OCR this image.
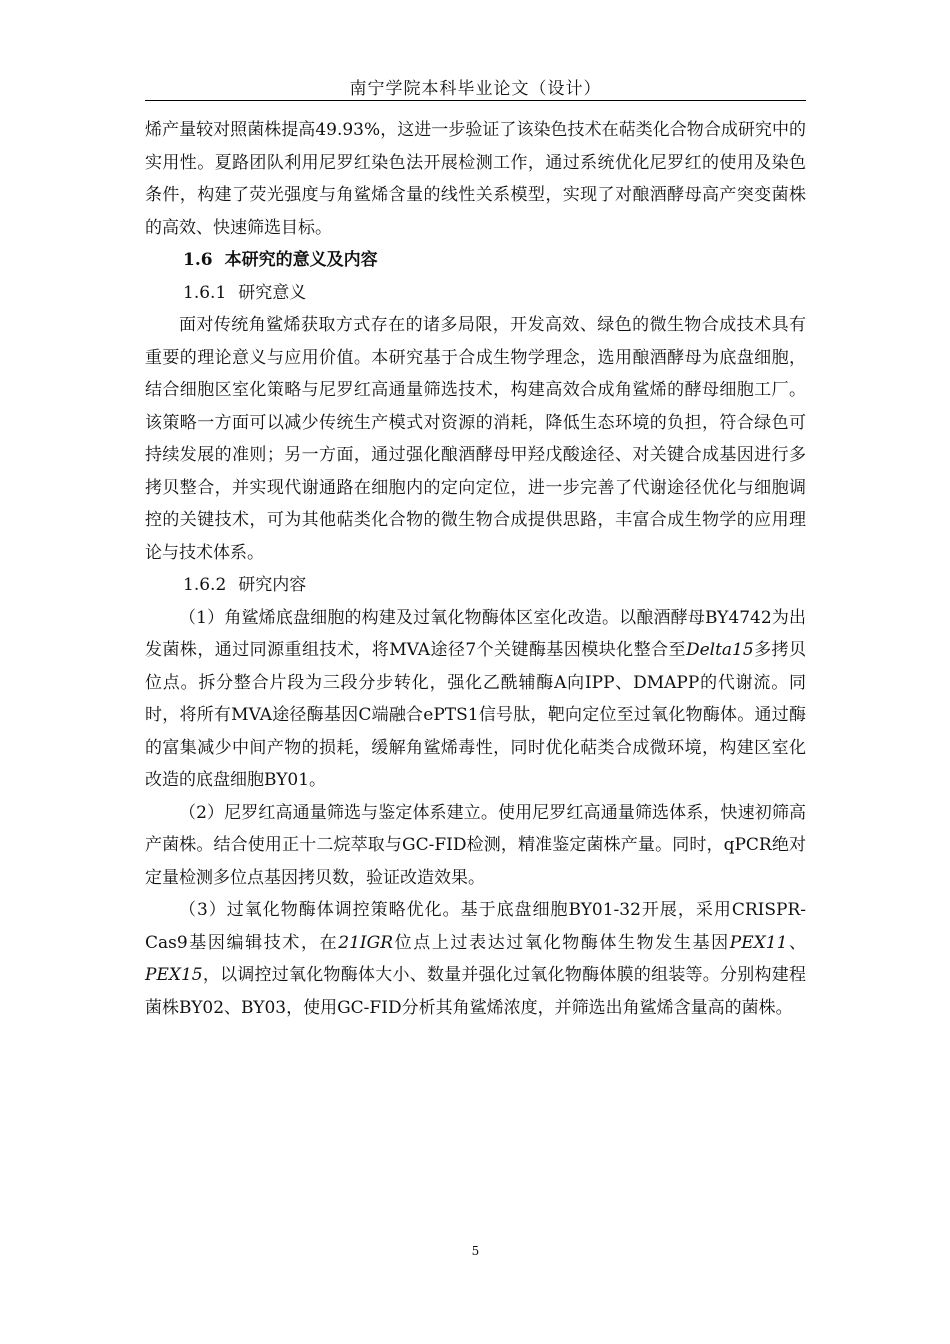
南宁学院本科毕业论文（设计）

烯产量较对照菌株提高49.93%，这进一步验证了该染色技术在萜类化合物合成研究中的实用性。夏路团队利用尼罗红染色法开展检测工作，通过系统优化尼罗红的使用及染色条件，构建了荧光强度与角鲨烯含量的线性关系模型，实现了对酿酒酵母高产突变菌株的高效、快速筛选目标。

1.6 本研究的意义及内容

1.6.1 研究意义

面对传统角鲨烯获取方式存在的诸多局限，开发高效、绿色的微生物合成技术具有重要的理论意义与应用价值。本研究基于合成生物学理念，选用酿酒酵母为底盘细胞，结合细胞区室化策略与尼罗红高通量筛选技术，构建高效合成角鲨烯的酵母细胞工厂。该策略一方面可以减少传统生产模式对资源的消耗，降低生态环境的负担，符合绿色可持续发展的准则；另一方面，通过强化酿酒酵母甲羟戊酸途径、对关键合成基因进行多拷贝整合，并实现代谢通路在细胞内的定向定位，进一步完善了代谢途径优化与细胞调控的关键技术，可为其他萜类化合物的微生物合成提供思路，丰富合成生物学的应用理论与技术体系。

1.6.2 研究内容

（1）角鲨烯底盘细胞的构建及过氧化物酶体区室化改造。以酿酒酵母BY4742为出发菌株，通过同源重组技术，将MVA途径7个关键酶基因模块化整合至Delta15多拷贝位点。拆分整合片段为三段分步转化，强化乙酰辅酶A向IPP、DMAPP的代谢流。同时，将所有MVA途径酶基因C端融合ePTS1信号肽，靶向定位至过氧化物酶体。通过酶的富集减少中间产物的损耗，缓解角鲨烯毒性，同时优化萜类合成微环境，构建区室化改造的底盘细胞BY01。

（2）尼罗红高通量筛选与鉴定体系建立。使用尼罗红高通量筛选体系，快速初筛高产菌株。结合使用正十二烷萃取与GC-FID检测，精准鉴定菌株产量。同时，qPCR绝对定量检测多位点基因拷贝数，验证改造效果。

（3）过氧化物酶体调控策略优化。基于底盘细胞BY01-32开展，采用CRISPR-Cas9基因编辑技术，在21IGR位点上过表达过氧化物酶体生物发生基因PEX11、PEX15，以调控过氧化物酶体大小、数量并强化过氧化物酶体膜的组装等。分别构建程菌株BY02、BY03，使用GC-FID分析其角鲨烯浓度，并筛选出角鲨烯含量高的菌株。

5
